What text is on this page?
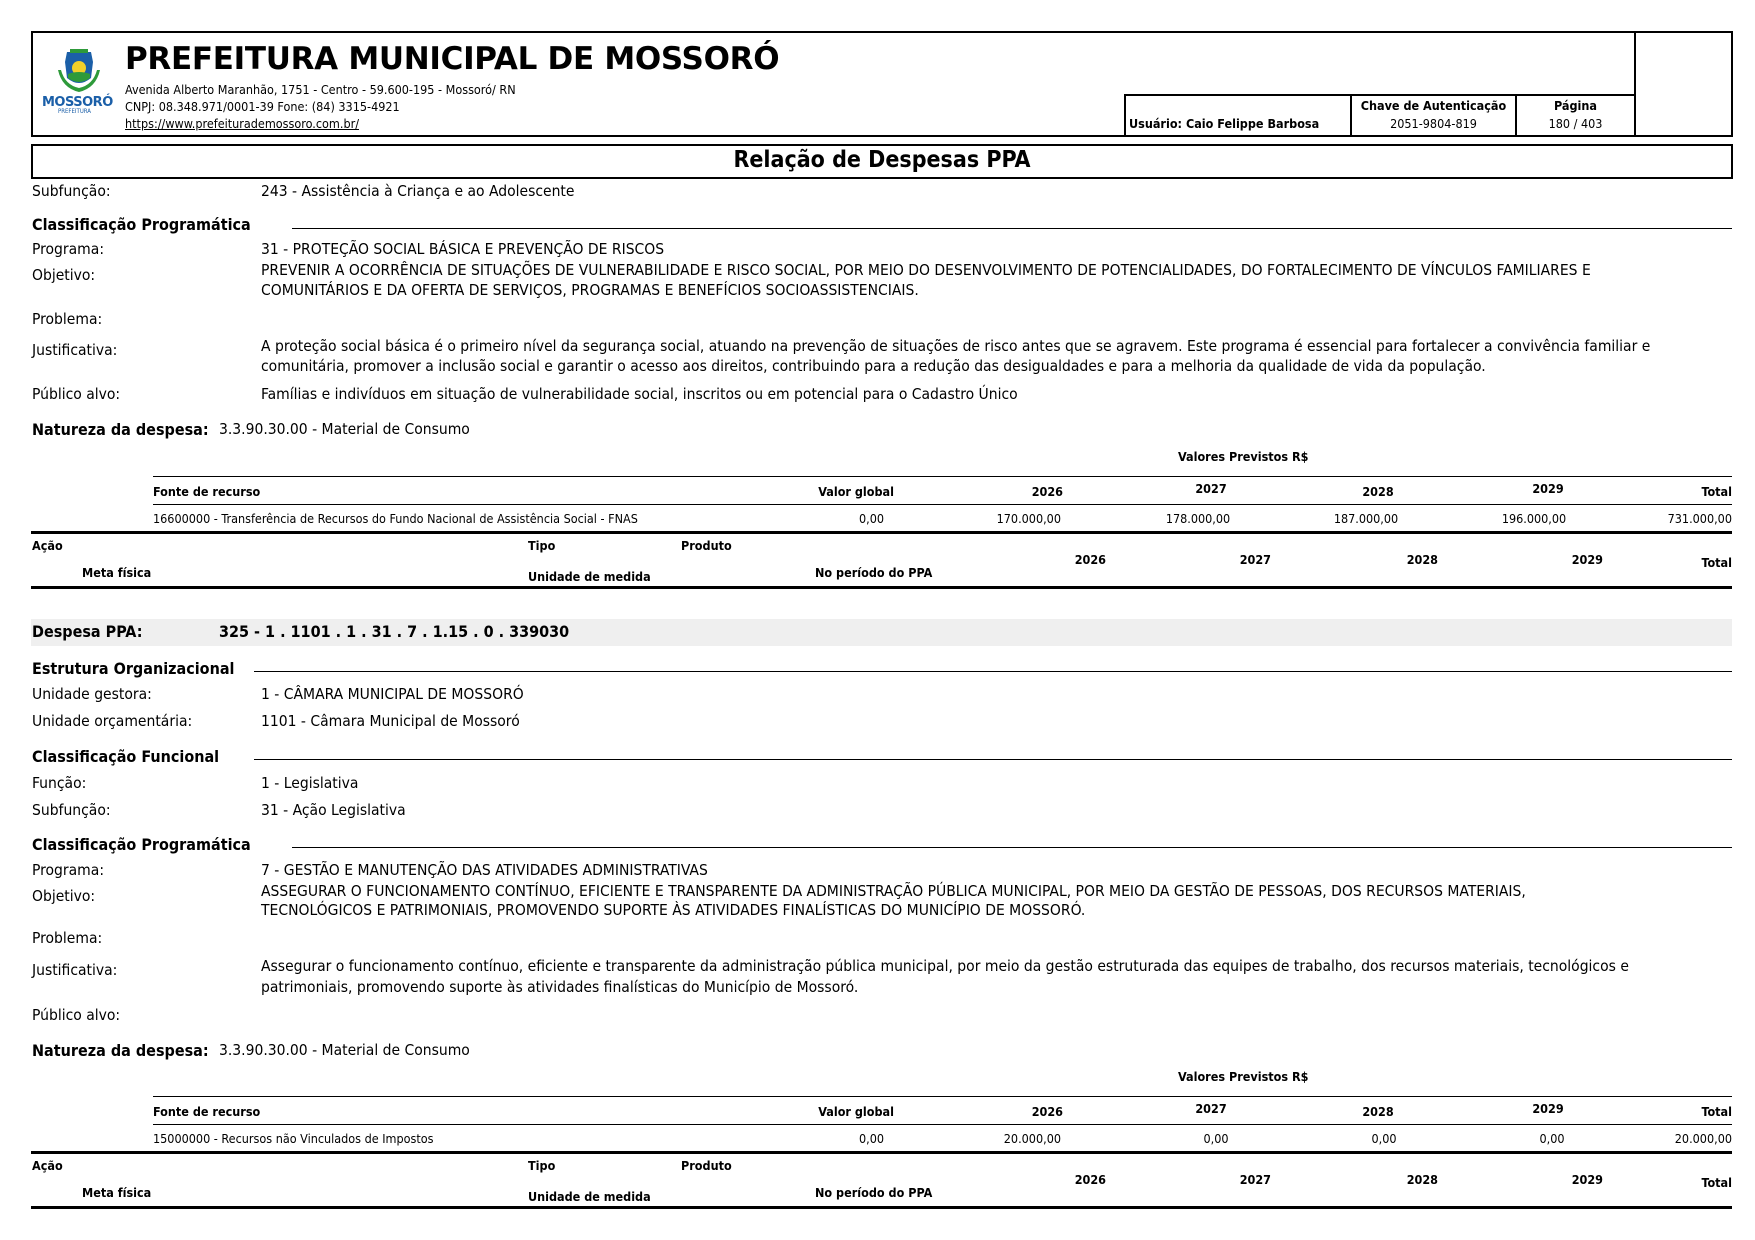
MOSSORÓ
PREFEITURA
PREFEITURA MUNICIPAL DE MOSSORÓ
Avenida Alberto Maranhão, 1751 - Centro - 59.600-195 - Mossoró/ RN
CNPJ: 08.348.971/0001-39 Fone: (84) 3315-4921
https://www.prefeiturademossoro.com.br/	Usuário: Caio Felippe Barbosa
Chave de Autenticação
2051-9804-819
Página
180 / 403
Relação de Despesas PPA
Subfunção:	243 - Assistência à Criança e ao Adolescente
Classificação Programática
Programa:	31 - PROTEÇÃO SOCIAL BÁSICA E PREVENÇÃO DE RISCOS
Objetivo:	PREVENIR A OCORRÊNCIA DE SITUAÇÕES DE VULNERABILIDADE E RISCO SOCIAL, POR MEIO DO DESENVOLVIMENTO DE POTENCIALIDADES, DO FORTALECIMENTO DE VÍNCULOS FAMILIARES E
COMUNITÁRIOS E DA OFERTA DE SERVIÇOS, PROGRAMAS E BENEFÍCIOS SOCIOASSISTENCIAIS.
Problema:
Justificativa:	A proteção social básica é o primeiro nível da segurança social, atuando na prevenção de situações de risco antes que se agravem. Este programa é essencial para fortalecer a convivência familiar e
comunitária, promover a inclusão social e garantir o acesso aos direitos, contribuindo para a redução das desigualdades e para a melhoria da qualidade de vida da população.
Público alvo:	Famílias e indivíduos em situação de vulnerabilidade social, inscritos ou em potencial para o Cadastro Único
Natureza da despesa: 3.3.90.30.00 - Material de Consumo
Valores Previstos R$
Fonte de recurso	Valor global	2026	2027	2028	2029	Total
16600000 - Transferência de Recursos do Fundo Nacional de Assistência Social - FNAS	0,00	170.000,00	178.000,00	187.000,00	196.000,00	731.000,00
Ação	Tipo	Produto
Meta física	Unidade de medida	No período do PPA
2026	2027	2028	2029	Total
Despesa PPA:	325 - 1 . 1101 . 1 . 31 . 7 . 1.15 . 0 . 339030
Estrutura Organizacional
Unidade gestora:	1 - CÂMARA MUNICIPAL DE MOSSORÓ
Unidade orçamentária:	1101 - Câmara Municipal de Mossoró
Classificação Funcional
Função:	1 - Legislativa
Subfunção:	31 - Ação Legislativa
Classificação Programática
Programa:	7 - GESTÃO E MANUTENÇÃO DAS ATIVIDADES ADMINISTRATIVAS
Objetivo:	ASSEGURAR O FUNCIONAMENTO CONTÍNUO, EFICIENTE E TRANSPARENTE DA ADMINISTRAÇÃO PÚBLICA MUNICIPAL, POR MEIO DA GESTÃO DE PESSOAS, DOS RECURSOS MATERIAIS,
TECNOLÓGICOS E PATRIMONIAIS, PROMOVENDO SUPORTE ÀS ATIVIDADES FINALÍSTICAS DO MUNICÍPIO DE MOSSORÓ.
Problema:
Justificativa:	Assegurar o funcionamento contínuo, eficiente e transparente da administração pública municipal, por meio da gestão estruturada das equipes de trabalho, dos recursos materiais, tecnológicos e
patrimoniais, promovendo suporte às atividades finalísticas do Município de Mossoró.
Público alvo:
Natureza da despesa: 3.3.90.30.00 - Material de Consumo
Valores Previstos R$
Fonte de recurso	Valor global	2026	2027	2028	2029	Total
15000000 - Recursos não Vinculados de Impostos	0,00	20.000,00	0,00	0,00	0,00	20.000,00
Ação	Tipo	Produto
Meta física	Unidade de medida	No período do PPA
2026	2027	2028	2029	Total
